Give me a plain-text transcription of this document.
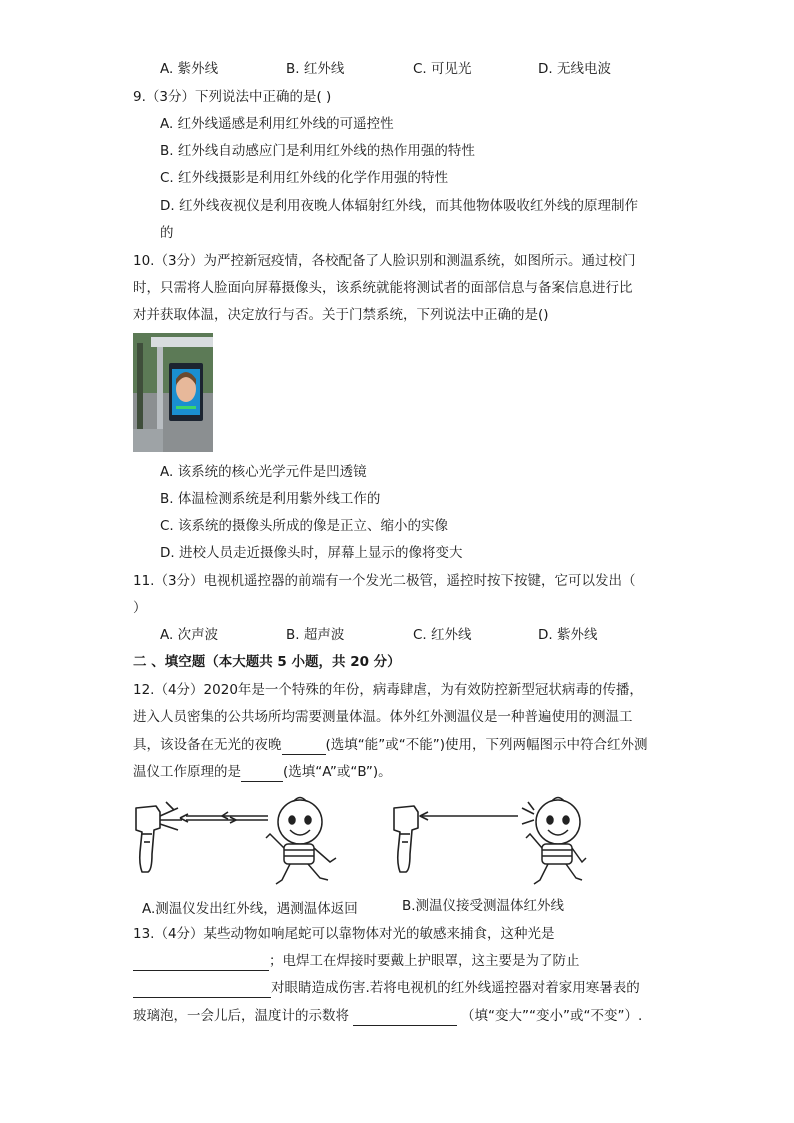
A. 紫外线	B. 红外线	C. 可见光	D. 无线电波
9.（3分）下列说法中正确的是( )
A. 红外线遥感是利用红外线的可遥控性
B. 红外线自动感应门是利用红外线的热作用强的特性
C. 红外线摄影是利用红外线的化学作用强的特性
D. 红外线夜视仪是利用夜晚人体辐射红外线，而其他物体吸收红外线的原理制作
的
10.（3分）为严控新冠疫情，各校配备了人脸识别和测温系统，如图所示。通过校门
时，只需将人脸面向屏幕摄像头，该系统就能将测试者的面部信息与备案信息进行比
对并获取体温，决定放行与否。关于门禁系统，下列说法中正确的是()
A. 该系统的核心光学元件是凹透镜
B. 体温检测系统是利用紫外线工作的
C. 该系统的摄像头所成的像是正立、缩小的实像
D. 进校人员走近摄像头时，屏幕上显示的像将变大
11.（3分）电视机遥控器的前端有一个发光二极管，遥控时按下按键，它可以发出（
）
A. 次声波	B. 超声波	C. 红外线	D. 紫外线
二 、填空题（本大题共 5 小题，共 20 分）
12.（4分）2020年是一个特殊的年份，病毒肆虐，为有效防控新型冠状病毒的传播，
进入人员密集的公共场所均需要测量体温。体外红外测温仪是一种普遍使用的测温工
具，该设备在无光的夜晚	(选填“能”或“不能”)使用，下列两幅图示中符合红外测
温仪工作原理的是	(选填“A”或“B”)。
A.测温仪发出红外线，遇测温体返回	B.测温仪接受测温体红外线
13.（4分）某些动物如响尾蛇可以靠物体对光的敏感来捕食，这种光是
；电焊工在焊接时要戴上护眼罩，这主要是为了防止
对眼睛造成伤害.若将电视机的红外线遥控器对着家用寒暑表的
玻璃泡，一会儿后，温度计的示数将	（填“变大”“变小”或“不变”）.
